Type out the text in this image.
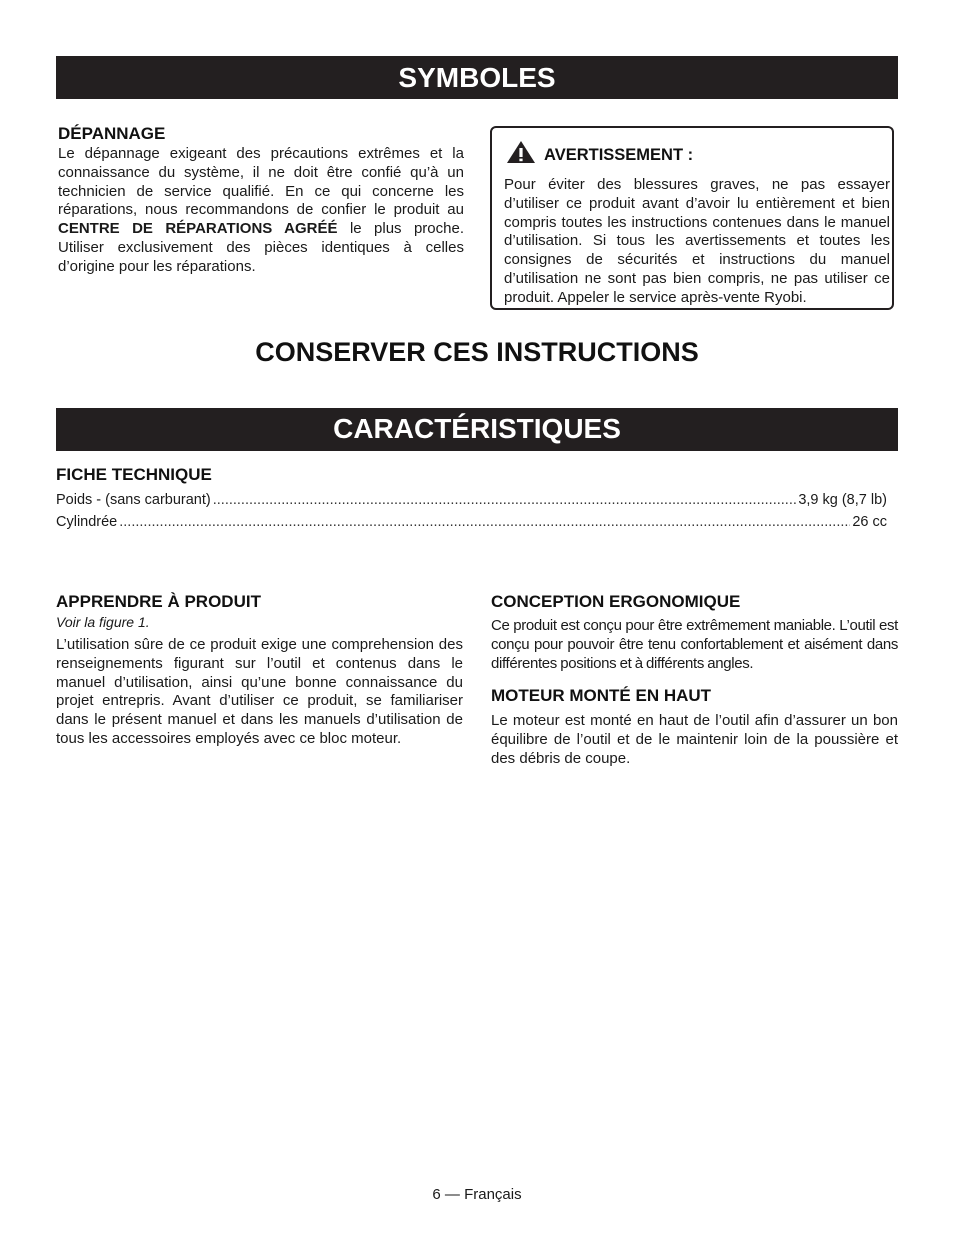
SYMBOLES
DÉPANNAGE

Le dépannage exigeant des précautions extrêmes et la connaissance du système, il ne doit être confié qu’à un technicien de service qualifié. En ce qui concerne les réparations, nous recommandons de confier le produit au CENTRE DE RÉPARATIONS AGRÉÉ le plus proche. Utiliser exclusivement des pièces identiques à celles d’origine pour les réparations.

AVERTISSEMENT :

Pour éviter des blessures graves, ne pas essayer d’utiliser ce produit avant d’avoir lu entièrement et bien compris toutes les instructions contenues dans le manuel d’utilisation. Si tous les avertissements et toutes les consignes de sécurités et instructions du manuel d’utilisation ne sont pas bien compris, ne pas utiliser ce produit. Appeler le service après-vente Ryobi.

CONSERVER CES INSTRUCTIONS
CARACTÉRISTIQUES
FICHE TECHNIQUE
Poids - (sans carburant) .....	3,9 kg (8,7 lb)
Cylindrée .....	26 cc
APPRENDRE À PRODUIT

Voir la figure 1.

L’utilisation sûre de ce produit exige une comprehension des renseignements figurant sur l’outil et contenus dans le manuel d’utilisation, ainsi qu’une bonne connaissance du projet entrepris. Avant d’utiliser ce produit, se familiariser dans le présent manuel et dans les manuels d’utilisation de tous les accessoires employés avec ce bloc moteur.

CONCEPTION ERGONOMIQUE

Ce produit est conçu pour être extrêmement maniable. L’outil est conçu pour pouvoir être tenu confortablement et aisément dans différentes positions et à différents angles.

MOTEUR MONTÉ EN HAUT

Le moteur est monté en haut de l’outil afin d’assurer un bon équilibre de l’outil et de le maintenir loin de la poussière et des débris de coupe.

6 — Français
